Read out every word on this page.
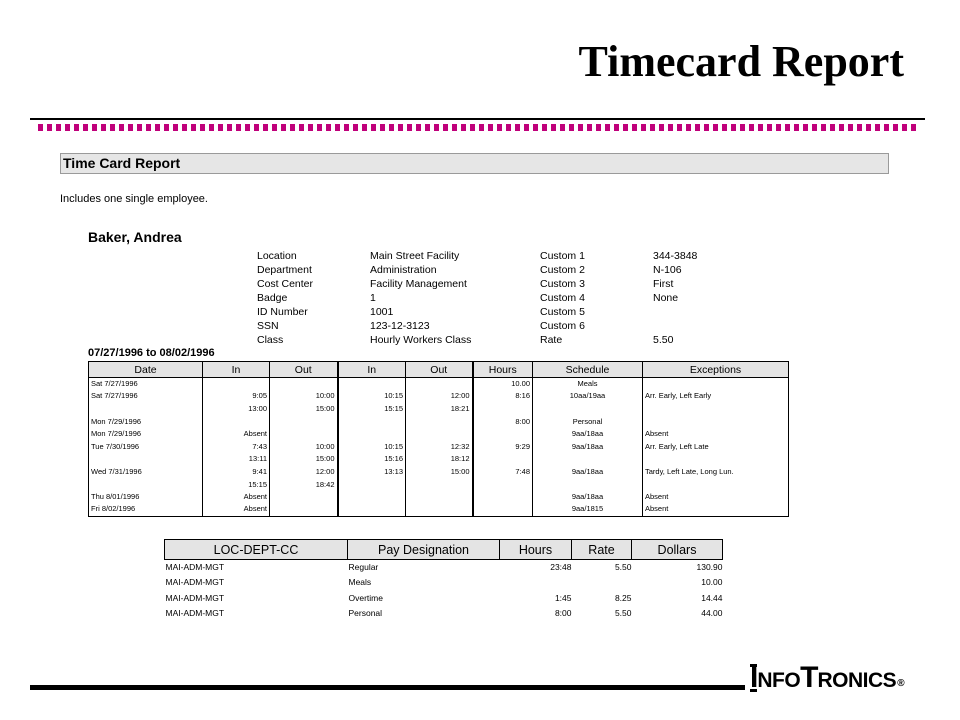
Timecard Report
Time Card Report
Includes one single employee.
Baker, Andrea
Location	Main Street Facility	Custom 1	344-3848
Department	Administration	Custom 2	N-106
Cost Center	Facility Management	Custom 3	First
Badge	1	Custom 4	None
ID Number	1001	Custom 5
SSN	123-12-3123	Custom 6
Class	Hourly Workers Class	Rate	5.50
07/27/1996 to 08/02/1996
Date	In	Out	In	Out	Hours	Schedule	Exceptions
Sat 7/27/1996					10.00	Meals	
Sat 7/27/1996	9:05	10:00	10:15	12:00	8:16	10aa/19aa	Arr. Early, Left Early
	13:00	15:00	15:15	18:21			
Mon 7/29/1996					8:00	Personal	
Mon 7/29/1996	Absent					9aa/18aa	Absent
Tue 7/30/1996	7:43	10:00	10:15	12:32	9:29	9aa/18aa	Arr. Early, Left Late
	13:11	15:00	15:16	18:12			
Wed 7/31/1996	9:41	12:00	13:13	15:00	7:48	9aa/18aa	Tardy, Left Late, Long Lun.
	15:15	18:42					
Thu 8/01/1996	Absent					9aa/18aa	Absent
Fri 8/02/1996	Absent					9aa/1815	Absent
LOC-DEPT-CC	Pay Designation	Hours	Rate	Dollars
MAI-ADM-MGT	Regular	23:48	5.50	130.90
MAI-ADM-MGT	Meals			10.00
MAI-ADM-MGT	Overtime	1:45	8.25	14.44
MAI-ADM-MGT	Personal	8:00	5.50	44.00
I NFO T RONICS ®
